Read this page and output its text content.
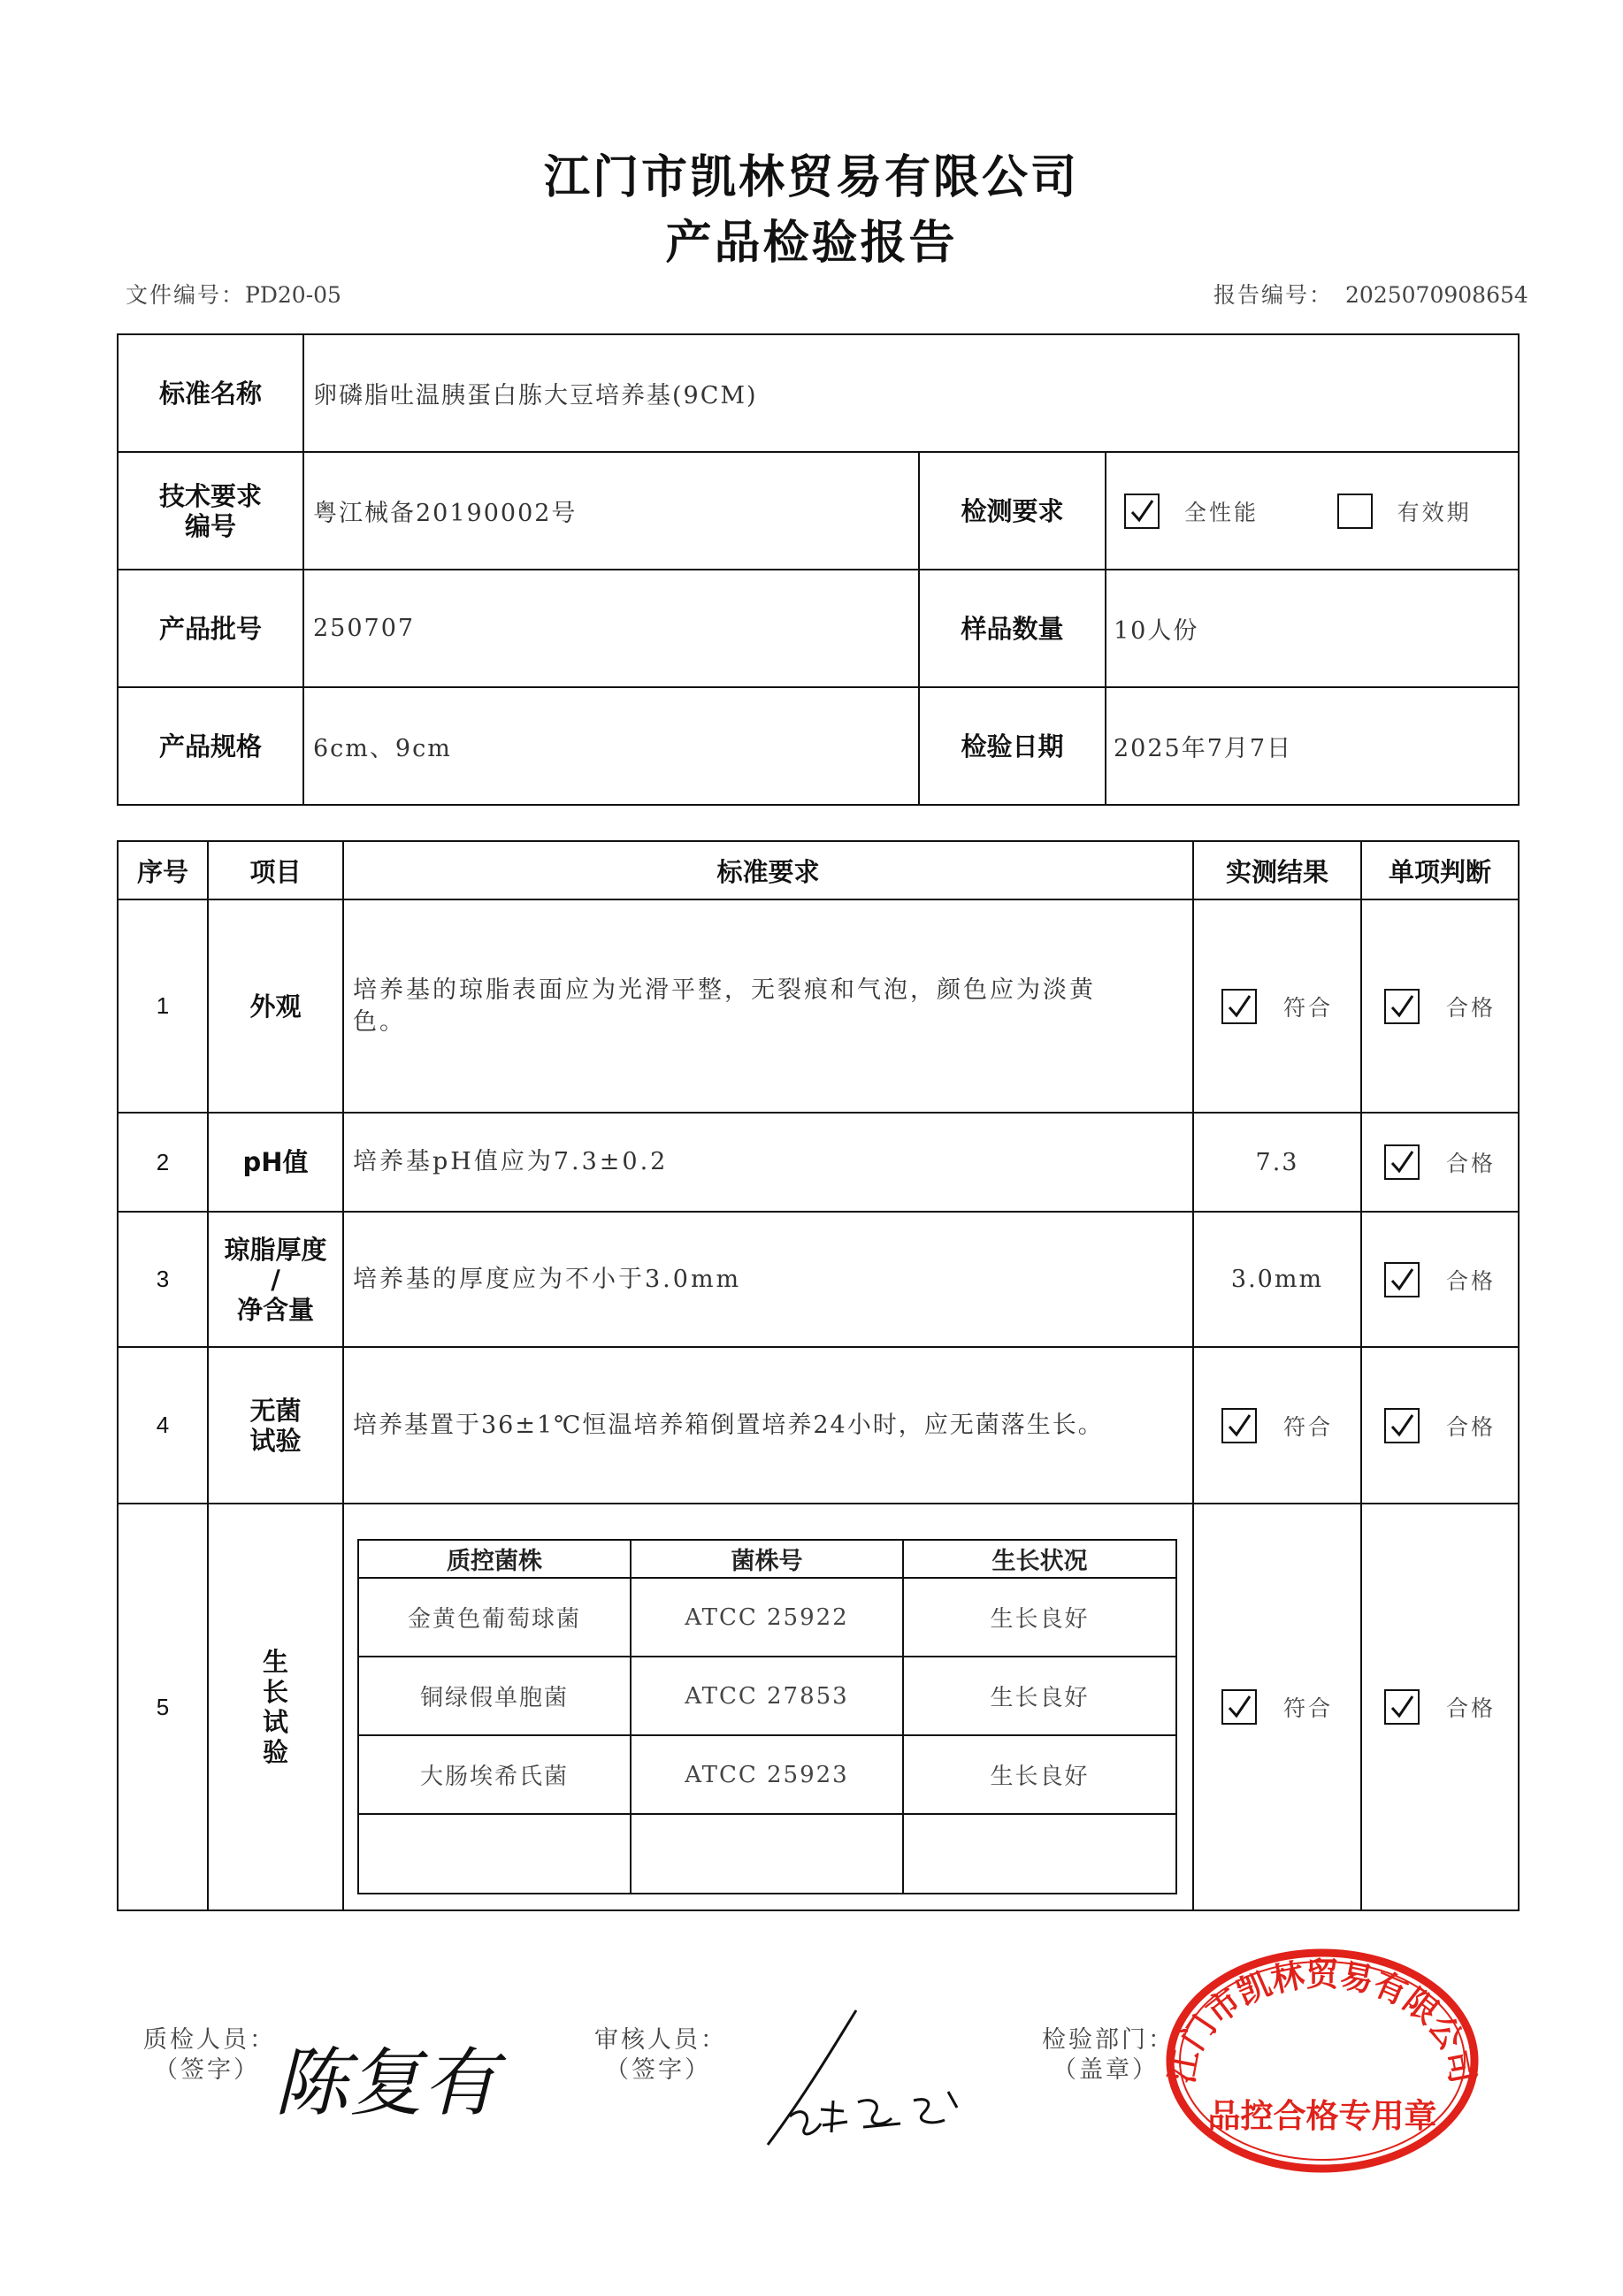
江门市凯林贸易有限公司
产品检验报告
文件编号：PD20-05	报告编号： 2025070908654
标准名称	卵磷脂吐温胰蛋白胨大豆培养基(9CM)		

技术要求
编号	粤江械备20190002号	检测要求	全性能 有效期
产品批号	250707	样品数量	10人份
产品规格	6cm、9cm	检验日期	2025年7月7日
序号	项目	标准要求	实测结果	单项判断
1	外观	培养基的琼脂表面应为光滑平整，无裂痕和气泡，颜色应为淡黄色。	符合	合格

2	pH值	培养基pH值应为7.3±0.2	7.3	合格

3	琼脂厚度
/
净含量	培养基的厚度应为不小于3.0mm	3.0mm	合格

4	无菌
试验	培养基置于36±1℃恒温培养箱倒置培养24小时，应无菌落生长。	符合	合格

5	生
长
试
验		符合	合格
质控菌株	菌株号	生长状况
金黄色葡萄球菌	ATCC 25922	生长良好
铜绿假单胞菌	ATCC 27853	生长良好
大肠埃希氏菌	ATCC 25923	生长良好

质检人员：
（签字） 陈复有	审核人员：
（签字）
检验部门：
（盖章） 江门市凯林贸易有限公司
品控合格专用章
